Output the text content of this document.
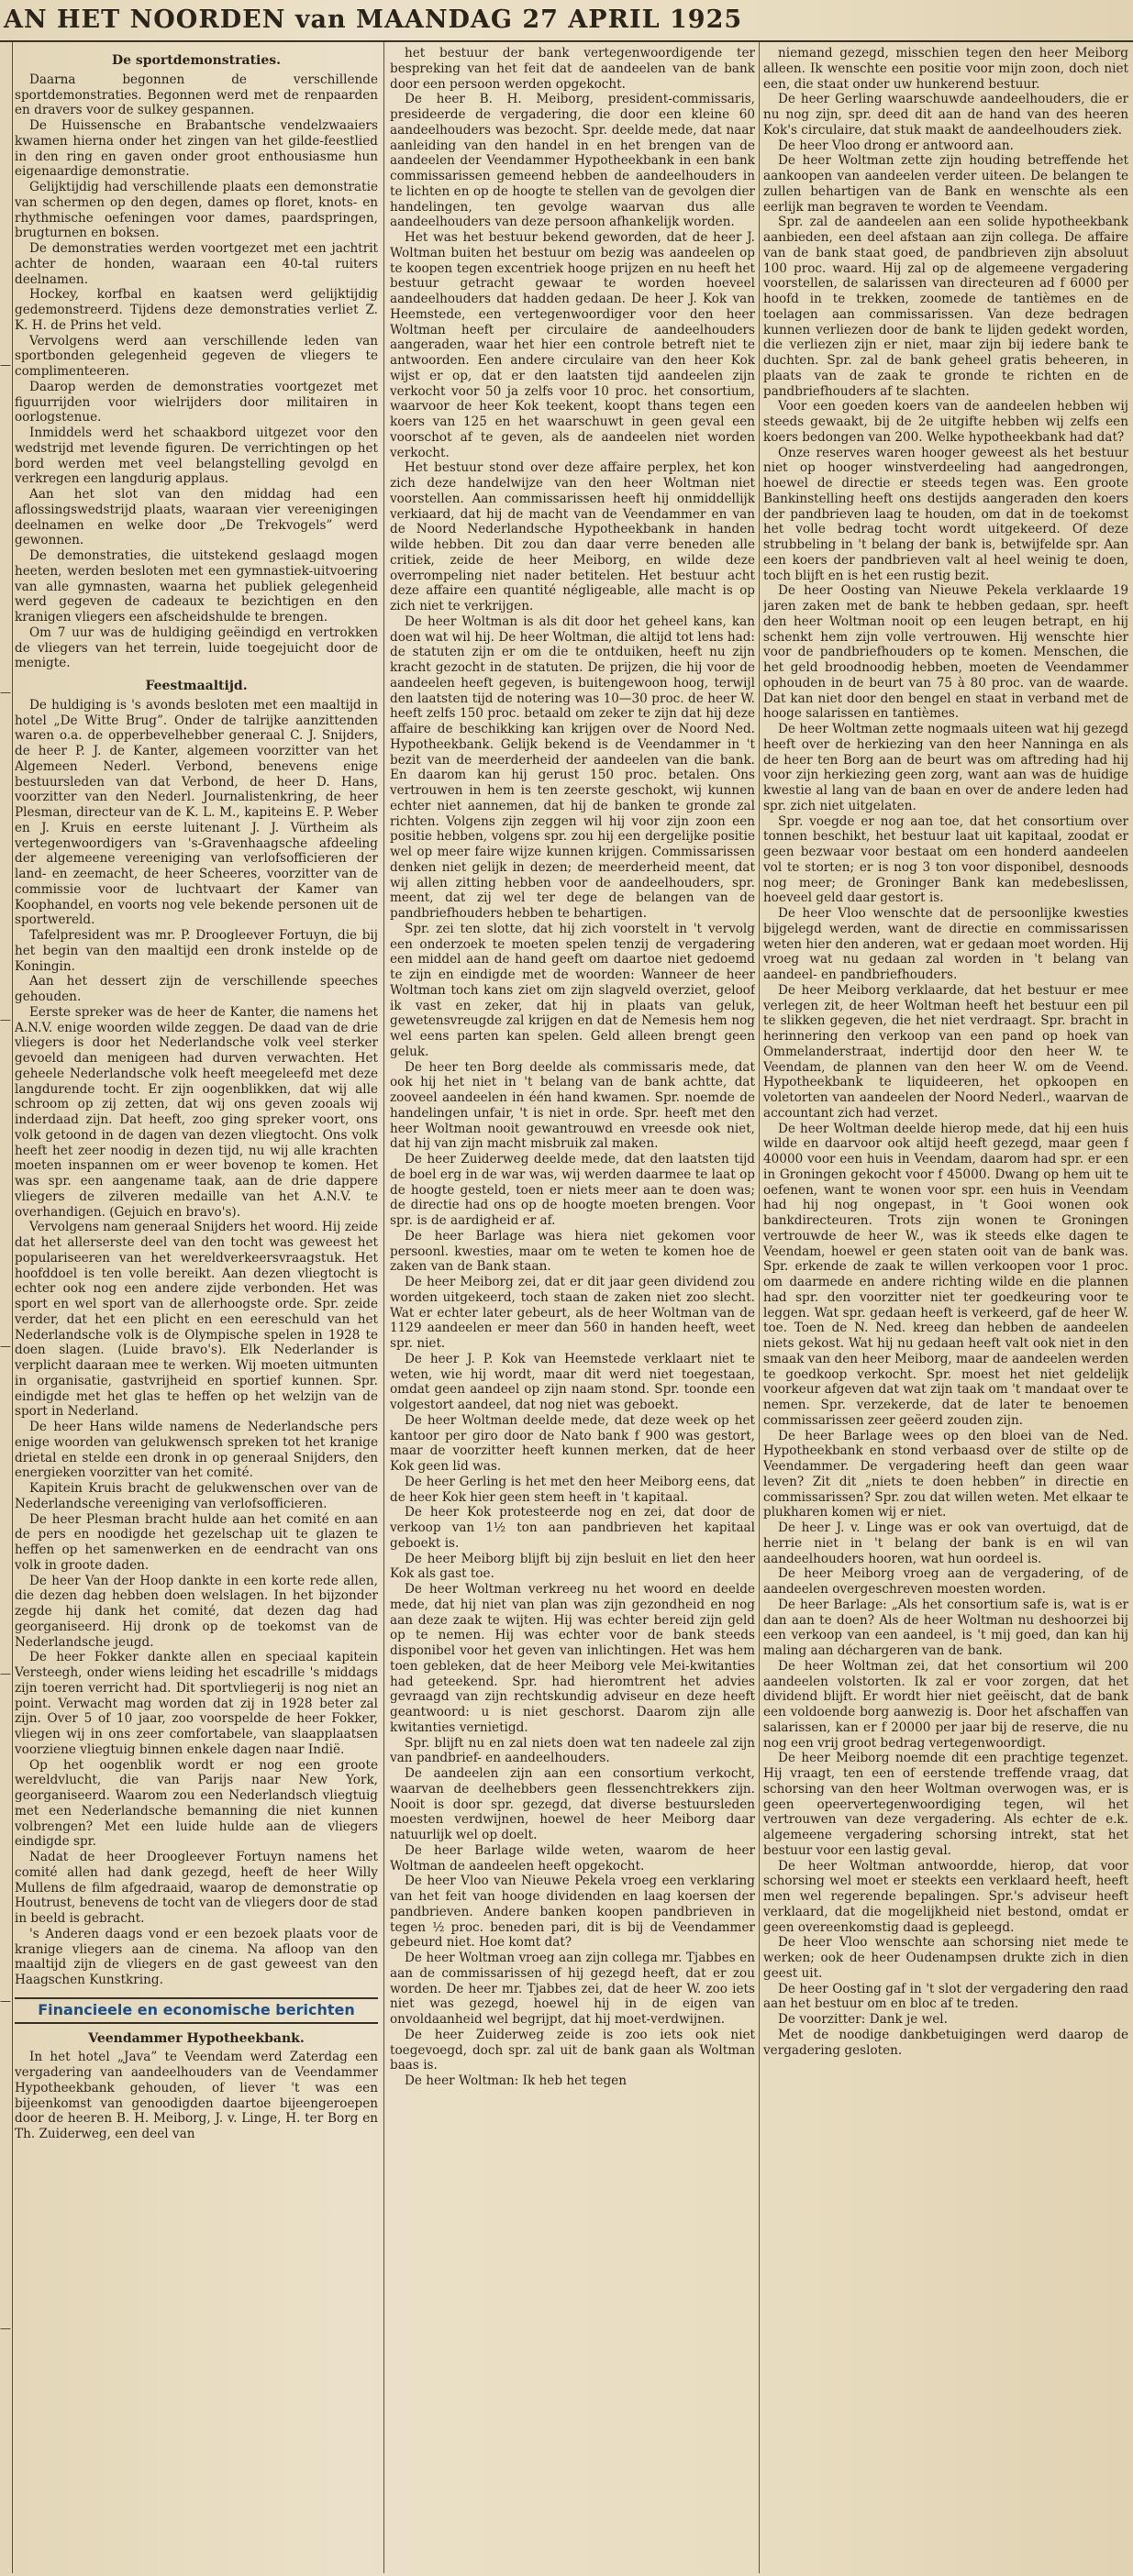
AN HET NOORDEN van MAANDAG 27 APRIL 1925
—
—
—
—
—
—
—
De sportdemonstraties.

Daarna begonnen de verschillende sportdemonstraties. Begonnen werd met de renpaarden en dravers voor de sulkey gespannen.

De Huissensche en Brabantsche vendelzwaaiers kwamen hierna onder het zingen van het gilde-feestlied in den ring en gaven onder groot enthousiasme hun eigenaardige demonstratie.

Gelijktijdig had verschillende plaats een demonstratie van schermen op den degen, dames op floret, knots- en rhythmische oefeningen voor dames, paardspringen, brugturnen en boksen.

De demonstraties werden voortgezet met een jachtrit achter de honden, waaraan een 40-tal ruiters deelnamen.

Hockey, korfbal en kaatsen werd gelijktijdig gedemonstreerd. Tijdens deze demonstraties verliet Z. K. H. de Prins het veld.

Vervolgens werd aan verschillende leden van sportbonden gelegenheid gegeven de vliegers te complimenteeren.

Daarop werden de demonstraties voortgezet met figuurrijden voor wielrijders door militairen in oorlogstenue.

Inmiddels werd het schaakbord uitgezet voor den wedstrijd met levende figuren. De verrichtingen op het bord werden met veel belangstelling gevolgd en verkregen een langdurig applaus.

Aan het slot van den middag had een aflossingswedstrijd plaats, waaraan vier vereenigingen deelnamen en welke door „De Trekvogels” werd gewonnen.

De demonstraties, die uitstekend geslaagd mogen heeten, werden besloten met een gymnastiek-uitvoering van alle gymnasten, waarna het publiek gelegenheid werd gegeven de cadeaux te bezichtigen en den kranigen vliegers een afscheidshulde te brengen.

Om 7 uur was de huldiging geëindigd en vertrokken de vliegers van het terrein, luide toegejuicht door de menigte.

Feestmaaltijd.

De huldiging is 's avonds besloten met een maaltijd in hotel „De Witte Brug”. Onder de talrijke aanzittenden waren o.a. de opperbevelhebber generaal C. J. Snijders, de heer P. J. de Kanter, algemeen voorzitter van het Algemeen Nederl. Verbond, benevens enige bestuursleden van dat Verbond, de heer D. Hans, voorzitter van den Nederl. Journalistenkring, de heer Plesman, directeur van de K. L. M., kapiteins E. P. Weber en J. Kruis en eerste luitenant J. J. Vürtheim als vertegenwoordigers van 's-Gravenhaagsche afdeeling der algemeene vereeniging van verlofsofficieren der land- en zeemacht, de heer Scheeres, voorzitter van de commissie voor de luchtvaart der Kamer van Koophandel, en voorts nog vele bekende personen uit de sportwereld.

Tafelpresident was mr. P. Droogleever Fortuyn, die bij het begin van den maaltijd een dronk instelde op de Koningin.

Aan het dessert zijn de verschillende speeches gehouden.

Eerste spreker was de heer de Kanter, die namens het A.N.V. enige woorden wilde zeggen. De daad van de drie vliegers is door het Nederlandsche volk veel sterker gevoeld dan menigeen had durven verwachten. Het geheele Nederlandsche volk heeft meegeleefd met deze langdurende tocht. Er zijn oogenblikken, dat wij alle schroom op zij zetten, dat wij ons geven zooals wij inderdaad zijn. Dat heeft, zoo ging spreker voort, ons volk getoond in de dagen van dezen vliegtocht. Ons volk heeft het zeer noodig in dezen tijd, nu wij alle krachten moeten inspannen om er weer bovenop te komen. Het was spr. een aangename taak, aan de drie dappere vliegers de zilveren medaille van het A.N.V. te overhandigen. (Gejuich en bravo's).

Vervolgens nam generaal Snijders het woord. Hij zeide dat het allerserste deel van den tocht was geweest het populariseeren van het wereldverkeersvraagstuk. Het hoofddoel is ten volle bereikt. Aan dezen vliegtocht is echter ook nog een andere zijde verbonden. Het was sport en wel sport van de allerhoogste orde. Spr. zeide verder, dat het een plicht en een eereschuld van het Nederlandsche volk is de Olympische spelen in 1928 te doen slagen. (Luide bravo's). Elk Nederlander is verplicht daaraan mee te werken. Wij moeten uitmunten in organisatie, gastvrijheid en sportief kunnen. Spr. eindigde met het glas te heffen op het welzijn van de sport in Nederland.

De heer Hans wilde namens de Nederlandsche pers enige woorden van gelukwensch spreken tot het kranige drietal en stelde een dronk in op generaal Snijders, den energieken voorzitter van het comité.

Kapitein Kruis bracht de gelukwenschen over van de Nederlandsche vereeniging van verlofsofficieren.

De heer Plesman bracht hulde aan het comité en aan de pers en noodigde het gezelschap uit te glazen te heffen op het samenwerken en de eendracht van ons volk in groote daden.

De heer Van der Hoop dankte in een korte rede allen, die dezen dag hebben doen welslagen. In het bijzonder zegde hij dank het comité, dat dezen dag had georganiseerd. Hij dronk op de toekomst van de Nederlandsche jeugd.

De heer Fokker dankte allen en speciaal kapitein Versteegh, onder wiens leiding het escadrille 's middags zijn toeren verricht had. Dit sportvliegerij is nog niet an point. Verwacht mag worden dat zij in 1928 beter zal zijn. Over 5 of 10 jaar, zoo voorspelde de heer Fokker, vliegen wij in ons zeer comfortabele, van slaapplaatsen voorziene vliegtuig binnen enkele dagen naar Indië.

Op het oogenblik wordt er nog een groote wereldvlucht, die van Parijs naar New York, georganiseerd. Waarom zou een Nederlandsch vliegtuig met een Nederlandsche bemanning die niet kunnen volbrengen? Met een luide hulde aan de vliegers eindigde spr.

Nadat de heer Droogleever Fortuyn namens het comité allen had dank gezegd, heeft de heer Willy Mullens de film afgedraaid, waarop de demonstratie op Houtrust, benevens de tocht van de vliegers door de stad in beeld is gebracht.

's Anderen daags vond er een bezoek plaats voor de kranige vliegers aan de cinema. Na afloop van den maaltijd zijn de vliegers en de gast geweest van den Haagschen Kunstkring.

Financieele en economische berichten
Veendammer Hypotheekbank.

In het hotel „Java” te Veendam werd Zaterdag een vergadering van aandeelhouders van de Veendammer Hypotheekbank gehouden, of liever 't was een bijeenkomst van genoodigden daartoe bijeengeroepen door de heeren B. H. Meiborg, J. v. Linge, H. ter Borg en Th. Zuiderweg, een deel van

het bestuur der bank vertegenwoordigende ter bespreking van het feit dat de aandeelen van de bank door een persoon werden opgekocht.

De heer B. H. Meiborg, president-commissaris, presideerde de vergadering, die door een kleine 60 aandeelhouders was bezocht. Spr. deelde mede, dat naar aanleiding van den handel in en het brengen van de aandeelen der Veendammer Hypotheekbank in een bank commissarissen gemeend hebben de aandeelhouders in te lichten en op de hoogte te stellen van de gevolgen dier handelingen, ten gevolge waarvan dus alle aandeelhouders van deze persoon afhankelijk worden.

Het was het bestuur bekend geworden, dat de heer J. Woltman buiten het bestuur om bezig was aandeelen op te koopen tegen excentriek hooge prijzen en nu heeft het bestuur getracht gewaar te worden hoeveel aandeelhouders dat hadden gedaan. De heer J. Kok van Heemstede, een vertegenwoordiger voor den heer Woltman heeft per circulaire de aandeelhouders aangeraden, waar het hier een controle betreft niet te antwoorden. Een andere circulaire van den heer Kok wijst er op, dat er den laatsten tijd aandeelen zijn verkocht voor 50 ja zelfs voor 10 proc. het consortium, waarvoor de heer Kok teekent, koopt thans tegen een koers van 125 en het waarschuwt in geen geval een voorschot af te geven, als de aandeelen niet worden verkocht.

Het bestuur stond over deze affaire perplex, het kon zich deze handelwijze van den heer Woltman niet voorstellen. Aan commissarissen heeft hij onmiddellijk verkiaard, dat hij de macht van de Veendammer en van de Noord Nederlandsche Hypotheekbank in handen wilde hebben. Dit zou dan daar verre beneden alle critiek, zeide de heer Meiborg, en wilde deze overrompeling niet nader betitelen. Het bestuur acht deze affaire een quantité négligeable, alle macht is op zich niet te verkrijgen.

De heer Woltman is als dit door het geheel kans, kan doen wat wil hij. De heer Woltman, die altijd tot lens had: de statuten zijn er om die te ontduiken, heeft nu zijn kracht gezocht in de statuten. De prijzen, die hij voor de aandeelen heeft gegeven, is buitengewoon hoog, terwijl den laatsten tijd de notering was 10—30 proc. de heer W. heeft zelfs 150 proc. betaald om zeker te zijn dat hij deze affaire de beschikking kan krijgen over de Noord Ned. Hypotheekbank. Gelijk bekend is de Veendammer in 't bezit van de meerderheid der aandeelen van die bank. En daarom kan hij gerust 150 proc. betalen. Ons vertrouwen in hem is ten zeerste geschokt, wij kunnen echter niet aannemen, dat hij de banken te gronde zal richten. Volgens zijn zeggen wil hij voor zijn zoon een positie hebben, volgens spr. zou hij een dergelijke positie wel op meer faire wijze kunnen krijgen. Commissarissen denken niet gelijk in dezen; de meerderheid meent, dat wij allen zitting hebben voor de aandeelhouders, spr. meent, dat zij wel ter dege de belangen van de pandbriefhouders hebben te behartigen.

Spr. zei ten slotte, dat hij zich voorstelt in 't vervolg een onderzoek te moeten spelen tenzij de vergadering een middel aan de hand geeft om daartoe niet gedoemd te zijn en eindigde met de woorden: Wanneer de heer Woltman toch kans ziet om zijn slagveld overziet, geloof ik vast en zeker, dat hij in plaats van geluk, gewetensvreugde zal krijgen en dat de Nemesis hem nog wel eens parten kan spelen. Geld alleen brengt geen geluk.

De heer ten Borg deelde als commissaris mede, dat ook hij het niet in 't belang van de bank achtte, dat zooveel aandeelen in één hand kwamen. Spr. noemde de handelingen unfair, 't is niet in orde. Spr. heeft met den heer Woltman nooit gewantrouwd en vreesde ook niet, dat hij van zijn macht misbruik zal maken.

De heer Zuiderweg deelde mede, dat den laatsten tijd de boel erg in de war was, wij werden daarmee te laat op de hoogte gesteld, toen er niets meer aan te doen was; de directie had ons op de hoogte moeten brengen. Voor spr. is de aardigheid er af.

De heer Barlage was hiera niet gekomen voor persoonl. kwesties, maar om te weten te komen hoe de zaken van de Bank staan.

De heer Meiborg zei, dat er dit jaar geen dividend zou worden uitgekeerd, toch staan de zaken niet zoo slecht. Wat er echter later gebeurt, als de heer Woltman van de 1129 aandeelen er meer dan 560 in handen heeft, weet spr. niet.

De heer J. P. Kok van Heemstede verklaart niet te weten, wie hij wordt, maar dit werd niet toegestaan, omdat geen aandeel op zijn naam stond. Spr. toonde een volgestort aandeel, dat nog niet was geboekt.

De heer Woltman deelde mede, dat deze week op het kantoor per giro door de Nato bank f 900 was gestort, maar de voorzitter heeft kunnen merken, dat de heer Kok geen lid was.

De heer Gerling is het met den heer Meiborg eens, dat de heer Kok hier geen stem heeft in 't kapitaal.

De heer Kok protesteerde nog en zei, dat door de verkoop van 1½ ton aan pandbrieven het kapitaal geboekt is.

De heer Meiborg blijft bij zijn besluit en liet den heer Kok als gast toe.

De heer Woltman verkreeg nu het woord en deelde mede, dat hij niet van plan was zijn gezondheid en nog aan deze zaak te wijten. Hij was echter bereid zijn geld op te nemen. Hij was echter voor de bank steeds disponibel voor het geven van inlichtingen. Het was hem toen gebleken, dat de heer Meiborg vele Mei-kwitanties had geteekend. Spr. had hieromtrent het advies gevraagd van zijn rechtskundig adviseur en deze heeft geantwoord: u is niet geschorst. Daarom zijn alle kwitanties vernietigd.

Spr. blijft nu en zal niets doen wat ten nadeele zal zijn van pandbrief- en aandeelhouders.

De aandeelen zijn aan een consortium verkocht, waarvan de deelhebbers geen flessenchtrekkers zijn. Nooit is door spr. gezegd, dat diverse bestuursleden moesten verdwijnen, hoewel de heer Meiborg daar natuurlijk wel op doelt.

De heer Barlage wilde weten, waarom de heer Woltman de aandeelen heeft opgekocht.

De heer Vloo van Nieuwe Pekela vroeg een verklaring van het feit van hooge dividenden en laag koersen der pandbrieven. Andere banken koopen pandbrieven in tegen ½ proc. beneden pari, dit is bij de Veendammer gebeurd niet. Hoe komt dat?

De heer Woltman vroeg aan zijn collega mr. Tjabbes en aan de commissarissen of hij gezegd heeft, dat er zou worden. De heer mr. Tjabbes zei, dat de heer W. zoo iets niet was gezegd, hoewel hij in de eigen van onvoldaanheid wel begrijpt, dat hij moet-verdwijnen.

De heer Zuiderweg zeide is zoo iets ook niet toegevoegd, doch spr. zal uit de bank gaan als Woltman baas is.

De heer Woltman: Ik heb het tegen

niemand gezegd, misschien tegen den heer Meiborg alleen. Ik wenschte een positie voor mijn zoon, doch niet een, die staat onder uw hunkerend bestuur.

De heer Gerling waarschuwde aandeelhouders, die er nu nog zijn, spr. deed dit aan de hand van des heeren Kok's circulaire, dat stuk maakt de aandeelhouders ziek.

De heer Vloo drong er antwoord aan.

De heer Woltman zette zijn houding betreffende het aankoopen van aandeelen verder uiteen. De belangen te zullen behartigen van de Bank en wenschte als een eerlijk man begraven te worden te Veendam.

Spr. zal de aandeelen aan een solide hypotheekbank aanbieden, een deel afstaan aan zijn collega. De affaire van de bank staat goed, de pandbrieven zijn absoluut 100 proc. waard. Hij zal op de algemeene vergadering voorstellen, de salarissen van directeuren ad f 6000 per hoofd in te trekken, zoomede de tantièmes en de toelagen aan commissarissen. Van deze bedragen kunnen verliezen door de bank te lijden gedekt worden, die verliezen zijn er niet, maar zijn bij iedere bank te duchten. Spr. zal de bank geheel gratis beheeren, in plaats van de zaak te gronde te richten en de pandbriefhouders af te slachten.

Voor een goeden koers van de aandeelen hebben wij steeds gewaakt, bij de 2e uitgifte hebben wij zelfs een koers bedongen van 200. Welke hypotheekbank had dat?

Onze reserves waren hooger geweest als het bestuur niet op hooger winstverdeeling had aangedrongen, hoewel de directie er steeds tegen was. Een groote Bankinstelling heeft ons destijds aangeraden den koers der pandbrieven laag te houden, om dat in de toekomst het volle bedrag tocht wordt uitgekeerd. Of deze strubbeling in 't belang der bank is, betwijfelde spr. Aan een koers der pandbrieven valt al heel weinig te doen, toch blijft en is het een rustig bezit.

De heer Oosting van Nieuwe Pekela verklaarde 19 jaren zaken met de bank te hebben gedaan, spr. heeft den heer Woltman nooit op een leugen betrapt, en hij schenkt hem zijn volle vertrouwen. Hij wenschte hier voor de pandbriefhouders op te komen. Menschen, die het geld broodnoodig hebben, moeten de Veendammer ophouden in de beurt van 75 à 80 proc. van de waarde. Dat kan niet door den bengel en staat in verband met de hooge salarissen en tantièmes.

De heer Woltman zette nogmaals uiteen wat hij gezegd heeft over de herkiezing van den heer Nanninga en als de heer ten Borg aan de beurt was om aftreding had hij voor zijn herkiezing geen zorg, want aan was de huidige kwestie al lang van de baan en over de andere leden had spr. zich niet uitgelaten.

Spr. voegde er nog aan toe, dat het consortium over tonnen beschikt, het bestuur laat uit kapitaal, zoodat er geen bezwaar voor bestaat om een honderd aandeelen vol te storten; er is nog 3 ton voor disponibel, desnoods nog meer; de Groninger Bank kan medebeslissen, hoeveel geld daar gestort is.

De heer Vloo wenschte dat de persoonlijke kwesties bijgelegd werden, want de directie en commissarissen weten hier den anderen, wat er gedaan moet worden. Hij vroeg wat nu gedaan zal worden in 't belang van aandeel- en pandbriefhouders.

De heer Meiborg verklaarde, dat het bestuur er mee verlegen zit, de heer Woltman heeft het bestuur een pil te slikken gegeven, die het niet verdraagt. Spr. bracht in herinnering den verkoop van een pand op hoek van Ommelanderstraat, indertijd door den heer W. te Veendam, de plannen van den heer W. om de Veend. Hypotheekbank te liquideeren, het opkoopen en voletorten van aandeelen der Noord Nederl., waarvan de accountant zich had verzet.

De heer Woltman deelde hierop mede, dat hij een huis wilde en daarvoor ook altijd heeft gezegd, maar geen f 40000 voor een huis in Veendam, daarom had spr. er een in Groningen gekocht voor f 45000. Dwang op hem uit te oefenen, want te wonen voor spr. een huis in Veendam had hij nog ongepast, in 't Gooi wonen ook bankdirecteuren. Trots zijn wonen te Groningen vertrouwde de heer W., was ik steeds elke dagen te Veendam, hoewel er geen staten ooit van de bank was. Spr. erkende de zaak te willen verkoopen voor 1 proc. om daarmede en andere richting wilde en die plannen had spr. den voorzitter niet ter goedkeuring voor te leggen. Wat spr. gedaan heeft is verkeerd, gaf de heer W. toe. Toen de N. Ned. kreeg dan hebben de aandeelen niets gekost. Wat hij nu gedaan heeft valt ook niet in den smaak van den heer Meiborg, maar de aandeelen werden te goedkoop verkocht. Spr. moest het niet geldelijk voorkeur afgeven dat wat zijn taak om 't mandaat over te nemen. Spr. verzekerde, dat de later te benoemen commissarissen zeer geëerd zouden zijn.

De heer Barlage wees op den bloei van de Ned. Hypotheekbank en stond verbaasd over de stilte op de Veendammer. De vergadering heeft dan geen waar leven? Zit dit „niets te doen hebben” in directie en commissarissen? Spr. zou dat willen weten. Met elkaar te plukharen komen wij er niet.

De heer J. v. Linge was er ook van overtuigd, dat de herrie niet in 't belang der bank is en wil van aandeelhouders hooren, wat hun oordeel is.

De heer Meiborg vroeg aan de vergadering, of de aandeelen overgeschreven moesten worden.

De heer Barlage: „Als het consortium safe is, wat is er dan aan te doen? Als de heer Woltman nu deshoorzei bij een verkoop van een aandeel, is 't mij goed, dan kan hij maling aan déchargeren van de bank.

De heer Woltman zei, dat het consortium wil 200 aandeelen volstorten. Ik zal er voor zorgen, dat het dividend blijft. Er wordt hier niet geëischt, dat de bank een voldoende borg aanwezig is. Door het afschaffen van salarissen, kan er f 20000 per jaar bij de reserve, die nu nog een vrij groot bedrag vertegenwoordigt.

De heer Meiborg noemde dit een prachtige tegenzet. Hij vraagt, ten een of eerstende treffende vraag, dat schorsing van den heer Woltman overwogen was, er is geen opeervertegenwoordiging tegen, wil het vertrouwen van deze vergadering. Als echter de e.k. algemeene vergadering schorsing intrekt, stat het bestuur voor een lastig geval.

De heer Woltman antwoordde, hierop, dat voor schorsing wel moet er steekts een verklaard heeft, heeft men wel regerende bepalingen. Spr.'s adviseur heeft verklaard, dat die mogelijkheid niet bestond, omdat er geen overeenkomstig daad is gepleegd.

De heer Vloo wenschte aan schorsing niet mede te werken; ook de heer Oudenampsen drukte zich in dien geest uit.

De heer Oosting gaf in 't slot der vergadering den raad aan het bestuur om en bloc af te treden.

De voorzitter: Dank je wel.

Met de noodige dankbetuigingen werd daarop de vergadering gesloten.
